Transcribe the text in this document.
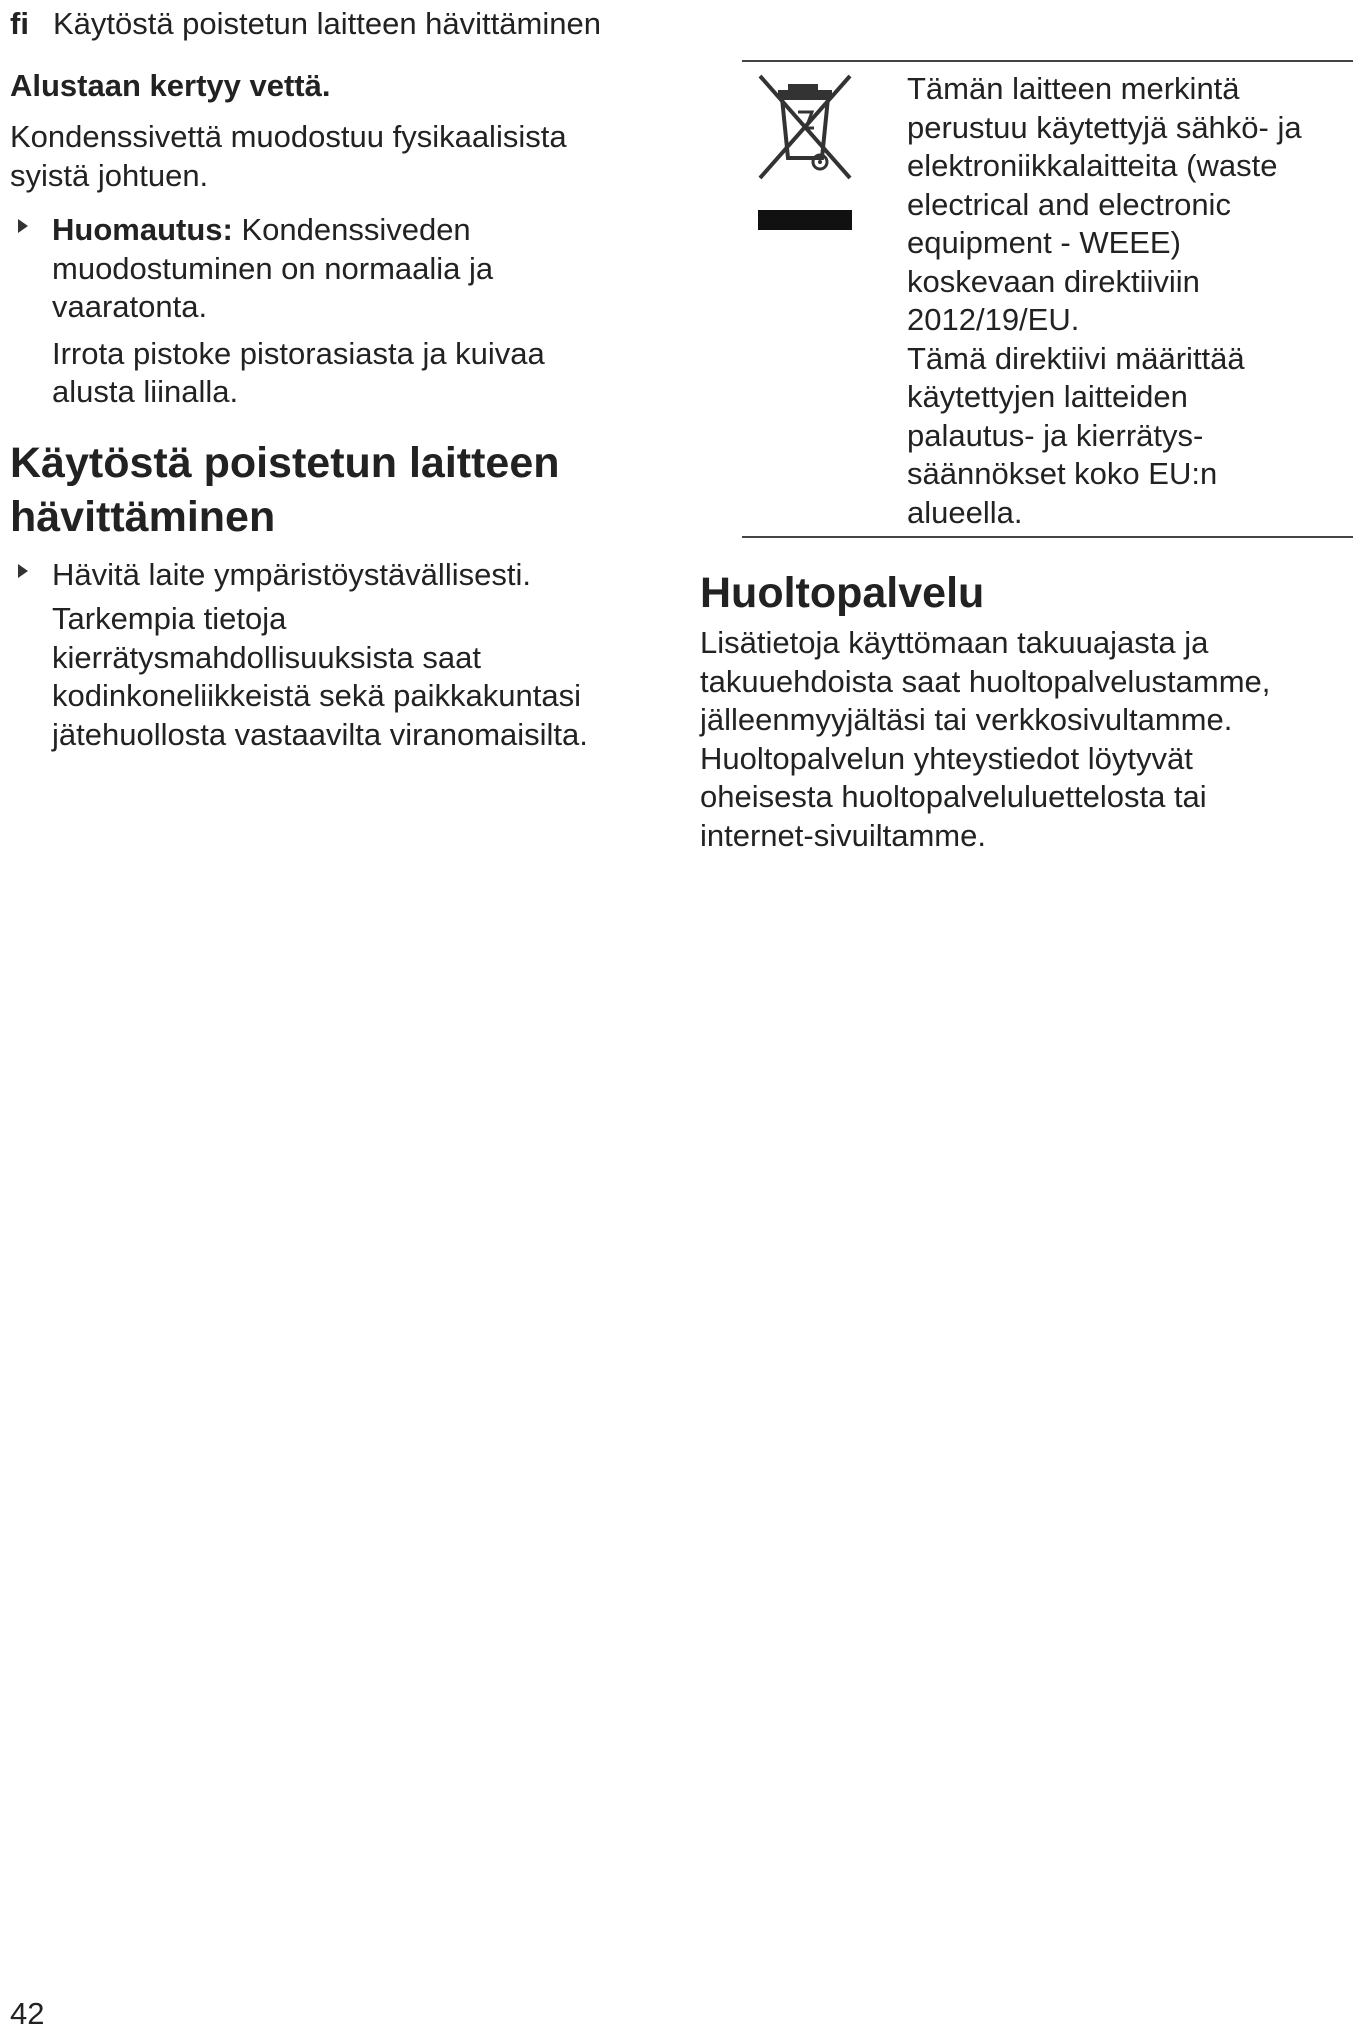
fi Käytöstä poistetun laitteen hävittäminen

Alustaan kertyy vettä.

Kondenssivettä muodostuu fysikaalisista

syistä johtuen.

Huomautus: Kondenssiveden

muodostuminen on normaalia ja

vaaratonta.

Irrota pistoke pistorasiasta ja kuivaa

alusta liinalla.

Käytöstä poistetun laitteen

hävittäminen

Hävitä laite ympäristöystävällisesti.

Tarkempia tietoja

kierrätysmahdollisuuksista saat

kodinkoneliikkeistä sekä paikkakuntasi

jätehuollosta vastaavilta viranomaisilta.

Tämän laitteen merkintä

perustuu käytettyjä sähkö- ja

elektroniikkalaitteita (waste

electrical and electronic

equipment - WEEE)

koskevaan direktiiviin

2012/19/EU.

Tämä direktiivi määrittää

käytettyjen laitteiden

palautus- ja kierrätys-

säännökset koko EU:n

alueella.

Huoltopalvelu

Lisätietoja käyttömaan takuuajasta ja

takuuehdoista saat huoltopalvelustamme,

jälleenmyyjältäsi tai verkkosivultamme.

Huoltopalvelun yhteystiedot löytyvät

oheisesta huoltopalveluluettelosta tai

internet-sivuiltamme.

42
